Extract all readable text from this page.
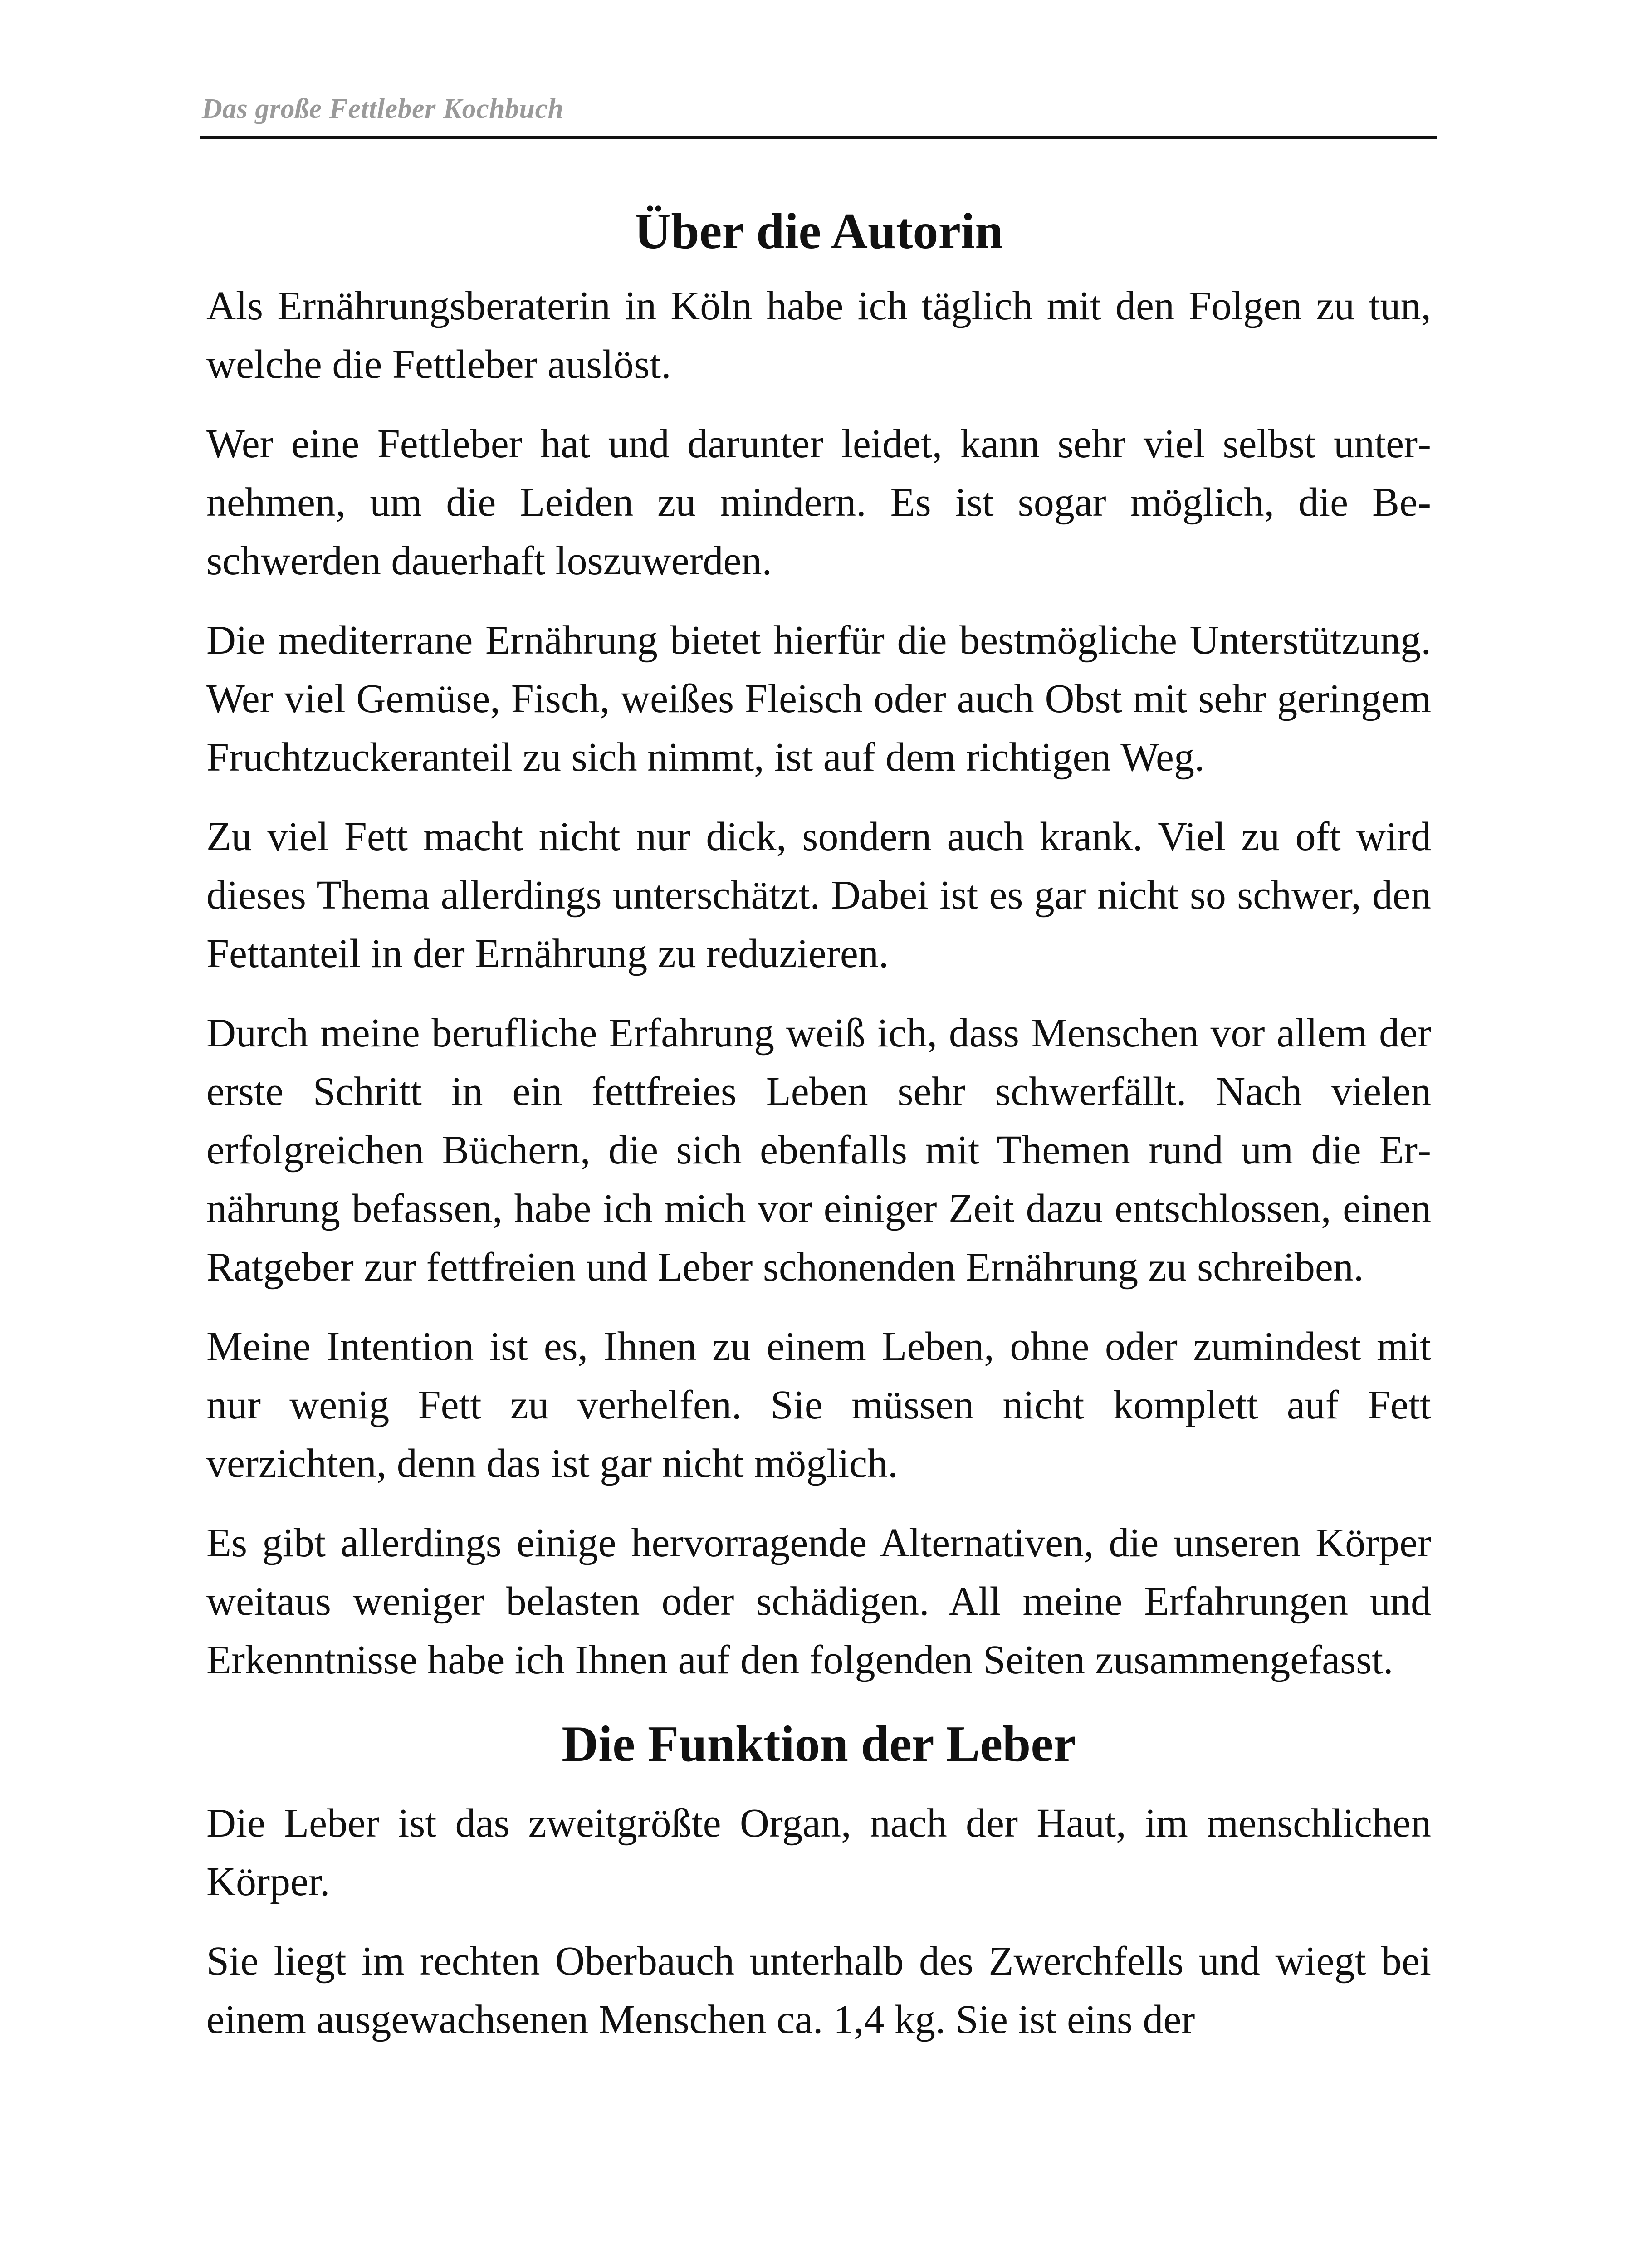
Das große Fettleber Kochbuch
Über die Autorin

Als Ernährungsberaterin in Köln habe ich täglich mit den Folgen zu tun, welche die Fettleber auslöst.

Wer eine Fettleber hat und darunter leidet, kann sehr viel selbst unternehmen, um die Leiden zu mindern. Es ist sogar möglich, die Beschwerden dauerhaft loszuwerden.

Die mediterrane Ernährung bietet hierfür die bestmögliche Unterstützung. Wer viel Gemüse, Fisch, weißes Fleisch oder auch Obst mit sehr geringem Fruchtzuckeranteil zu sich nimmt, ist auf dem richtigen Weg.

Zu viel Fett macht nicht nur dick, sondern auch krank. Viel zu oft wird dieses Thema allerdings unterschätzt. Dabei ist es gar nicht so schwer, den Fettanteil in der Ernährung zu reduzieren.

Durch meine berufliche Erfahrung weiß ich, dass Menschen vor allem der erste Schritt in ein fettfreies Leben sehr schwerfällt. Nach vielen erfolgreichen Büchern, die sich ebenfalls mit Themen rund um die Ernährung befassen, habe ich mich vor einiger Zeit dazu entschlossen, einen Ratgeber zur fettfreien und Leber schonenden Ernährung zu schreiben.

Meine Intention ist es, Ihnen zu einem Leben, ohne oder zumindest mit nur wenig Fett zu verhelfen. Sie müssen nicht komplett auf Fett verzichten, denn das ist gar nicht möglich.

Es gibt allerdings einige hervorragende Alternativen, die unseren Körper weitaus weniger belasten oder schädigen. All meine Erfahrungen und Erkenntnisse habe ich Ihnen auf den folgenden Seiten zusammengefasst.

Die Funktion der Leber

Die Leber ist das zweitgrößte Organ, nach der Haut, im menschlichen Körper.

Sie liegt im rechten Oberbauch unterhalb des Zwerchfells und wiegt bei einem ausgewachsenen Menschen ca. 1,4 kg. Sie ist eins der
